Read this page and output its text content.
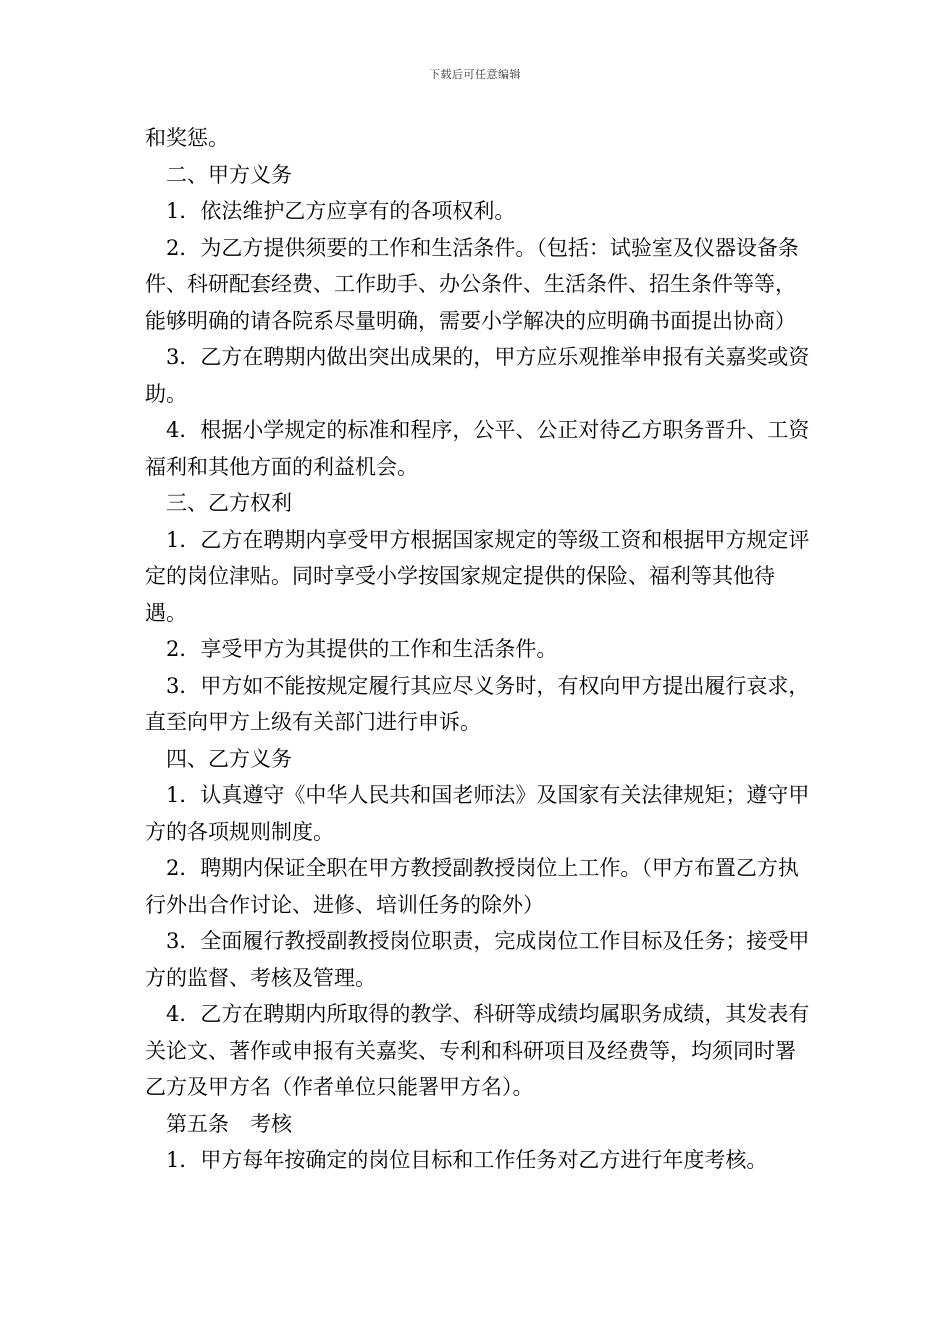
下载后可任意编辑

和奖惩。

二、甲方义务

1．依法维护乙方应享有的各项权利。

2．为乙方提供须要的工作和生活条件。（包括：试验室及仪器设备条件、科研配套经费、工作助手、办公条件、生活条件、招生条件等等，能够明确的请各院系尽量明确，需要小学解决的应明确书面提出协商）

3．乙方在聘期内做出突出成果的，甲方应乐观推举申报有关嘉奖或资助。

4．根据小学规定的标准和程序，公平、公正对待乙方职务晋升、工资福利和其他方面的利益机会。

三、乙方权利

1．乙方在聘期内享受甲方根据国家规定的等级工资和根据甲方规定评定的岗位津贴。同时享受小学按国家规定提供的保险、福利等其他待遇。

2．享受甲方为其提供的工作和生活条件。

3．甲方如不能按规定履行其应尽义务时，有权向甲方提出履行哀求，直至向甲方上级有关部门进行申诉。

四、乙方义务

1．认真遵守《中华人民共和国老师法》及国家有关法律规矩；遵守甲方的各项规则制度。

2．聘期内保证全职在甲方教授副教授岗位上工作。（甲方布置乙方执行外出合作讨论、进修、培训任务的除外）

3．全面履行教授副教授岗位职责，完成岗位工作目标及任务；接受甲方的监督、考核及管理。

4．乙方在聘期内所取得的教学、科研等成绩均属职务成绩，其发表有关论文、著作或申报有关嘉奖、专利和科研项目及经费等，均须同时署乙方及甲方名（作者单位只能署甲方名）。

第五条　考核

1．甲方每年按确定的岗位目标和工作任务对乙方进行年度考核。
